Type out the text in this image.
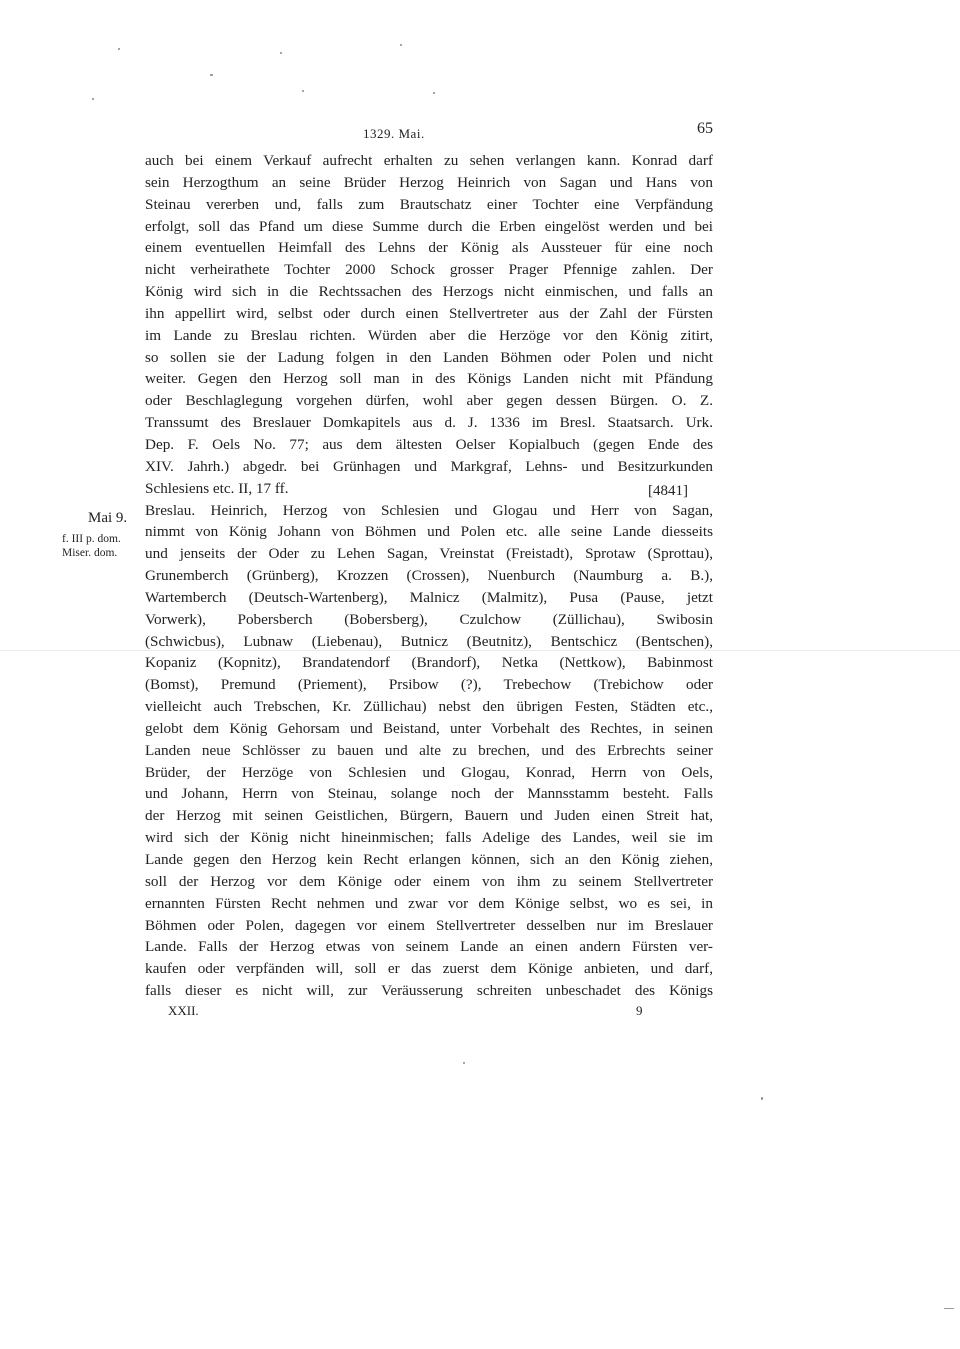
1329. Mai.	65
Mai 9.
f. III p. dom.
Miser. dom.
[4841]
auch bei einem Verkauf aufrecht erhalten zu sehen verlangen kann. Konrad darf
sein Herzogthum an seine Brüder Herzog Heinrich von Sagan und Hans von
Steinau vererben und, falls zum Brautschatz einer Tochter eine Verpfändung
erfolgt, soll das Pfand um diese Summe durch die Erben eingelöst werden und bei
einem eventuellen Heimfall des Lehns der König als Aussteuer für eine noch
nicht verheirathete Tochter 2000 Schock grosser Prager Pfennige zahlen. Der
König wird sich in die Rechtssachen des Herzogs nicht einmischen, und falls an
ihn appellirt wird, selbst oder durch einen Stellvertreter aus der Zahl der Fürsten
im Lande zu Breslau richten. Würden aber die Herzöge vor den König zitirt,
so sollen sie der Ladung folgen in den Landen Böhmen oder Polen und nicht
weiter. Gegen den Herzog soll man in des Königs Landen nicht mit Pfändung
oder Beschlaglegung vorgehen dürfen, wohl aber gegen dessen Bürgen. O. Z.
Transsumt des Breslauer Domkapitels aus d. J. 1336 im Bresl. Staatsarch. Urk.
Dep. F. Oels No. 77; aus dem ältesten Oelser Kopialbuch (gegen Ende des
XIV. Jahrh.) abgedr. bei Grünhagen und Markgraf, Lehns- und Besitzurkunden
Schlesiens etc. II, 17 ff.
Breslau. Heinrich, Herzog von Schlesien und Glogau und Herr von Sagan,
nimmt von König Johann von Böhmen und Polen etc. alle seine Lande diesseits
und jenseits der Oder zu Lehen Sagan, Vreinstat (Freistadt), Sprotaw (Sprottau),
Grunemberch (Grünberg), Krozzen (Crossen), Nuenburch (Naumburg a. B.),
Wartemberch (Deutsch-Wartenberg), Malnicz (Malmitz), Pusa (Pause, jetzt
Vorwerk), Pobersberch (Bobersberg), Czulchow (Züllichau), Swibosin
(Schwicbus), Lubnaw (Liebenau), Butnicz (Beutnitz), Bentschicz (Bentschen),
Kopaniz (Kopnitz), Brandatendorf (Brandorf), Netka (Nettkow), Babinmost
(Bomst), Premund (Priement), Prsibow (?), Trebechow (Trebichow oder
vielleicht auch Trebschen, Kr. Züllichau) nebst den übrigen Festen, Städten etc.,
gelobt dem König Gehorsam und Beistand, unter Vorbehalt des Rechtes, in seinen
Landen neue Schlösser zu bauen und alte zu brechen, und des Erbrechts seiner
Brüder, der Herzöge von Schlesien und Glogau, Konrad, Herrn von Oels,
und Johann, Herrn von Steinau, solange noch der Mannsstamm besteht. Falls
der Herzog mit seinen Geistlichen, Bürgern, Bauern und Juden einen Streit hat,
wird sich der König nicht hineinmischen; falls Adelige des Landes, weil sie im
Lande gegen den Herzog kein Recht erlangen können, sich an den König ziehen,
soll der Herzog vor dem Könige oder einem von ihm zu seinem Stellvertreter
ernannten Fürsten Recht nehmen und zwar vor dem Könige selbst, wo es sei, in
Böhmen oder Polen, dagegen vor einem Stellvertreter desselben nur im Breslauer
Lande. Falls der Herzog etwas von seinem Lande an einen andern Fürsten ver-
kaufen oder verpfänden will, soll er das zuerst dem Könige anbieten, und darf,
falls dieser es nicht will, zur Veräusserung schreiten unbeschadet des Königs
XXII.	9
